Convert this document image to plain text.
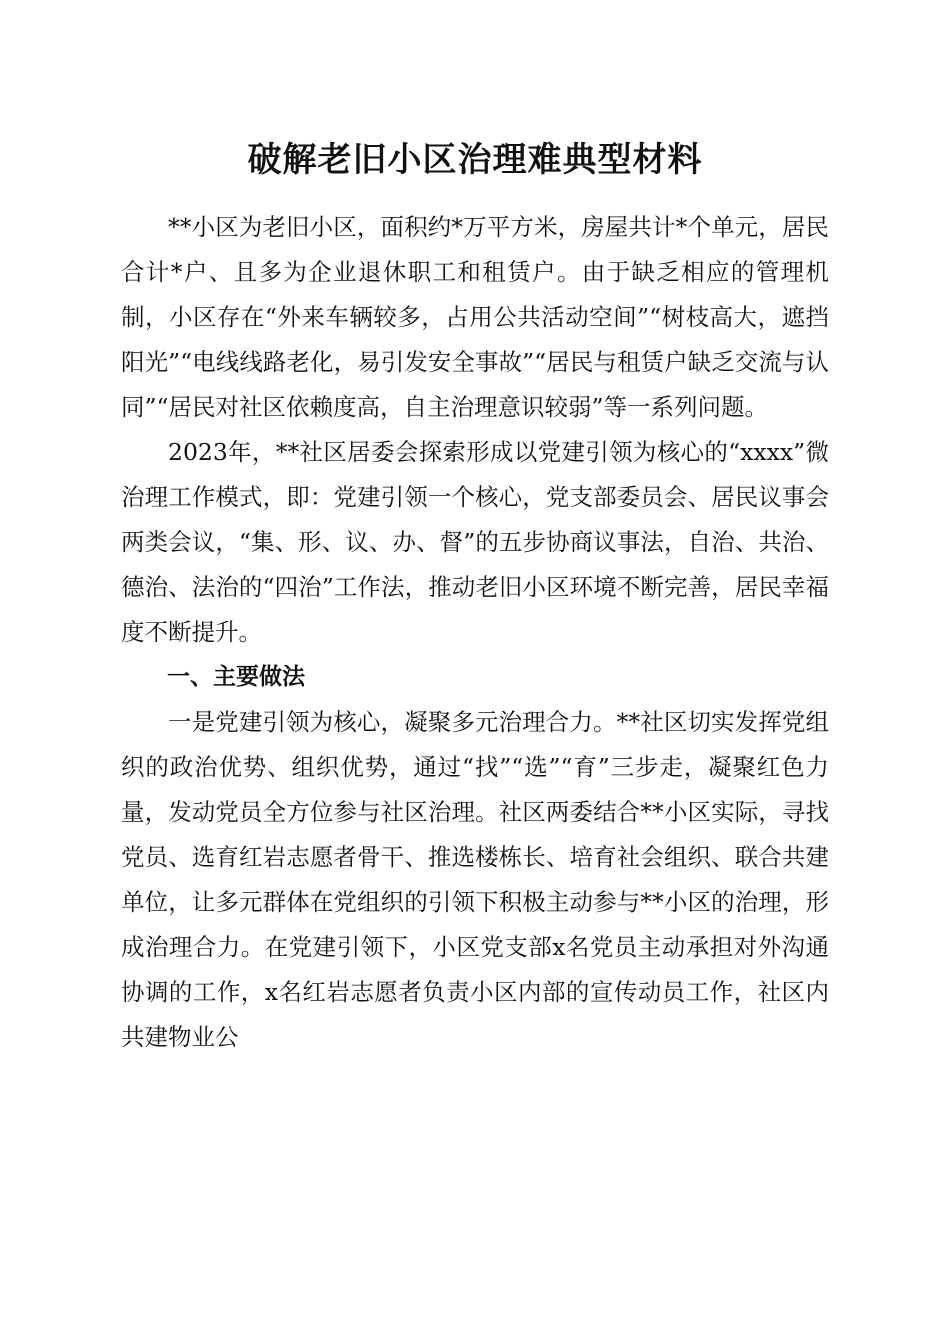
破解老旧小区治理难典型材料

**小区为老旧小区，面积约*万平方米，房屋共计*个单元，居民合计*户、且多为企业退休职工和租赁户。由于缺乏相应的管理机制，小区存在“外来车辆较多，占用公共活动空间”“树枝高大，遮挡阳光”“电线线路老化，易引发安全事故”“居民与租赁户缺乏交流与认同”“居民对社区依赖度高，自主治理意识较弱”等一系列问题。

2023年，**社区居委会探索形成以党建引领为核心的“xxxx”微治理工作模式，即：党建引领一个核心，党支部委员会、居民议事会两类会议，“集、形、议、办、督”的五步协商议事法，自治、共治、德治、法治的“四治”工作法，推动老旧小区环境不断完善，居民幸福度不断提升。

一、主要做法

一是党建引领为核心，凝聚多元治理合力。**社区切实发挥党组织的政治优势、组织优势，通过“找”“选”“育”三步走，凝聚红色力量，发动党员全方位参与社区治理。社区两委结合**小区实际，寻找党员、选育红岩志愿者骨干、推选楼栋长、培育社会组织、联合共建单位，让多元群体在党组织的引领下积极主动参与**小区的治理，形成治理合力。在党建引领下，小区党支部x名党员主动承担对外沟通协调的工作，x名红岩志愿者负责小区内部的宣传动员工作，社区内共建物业公
